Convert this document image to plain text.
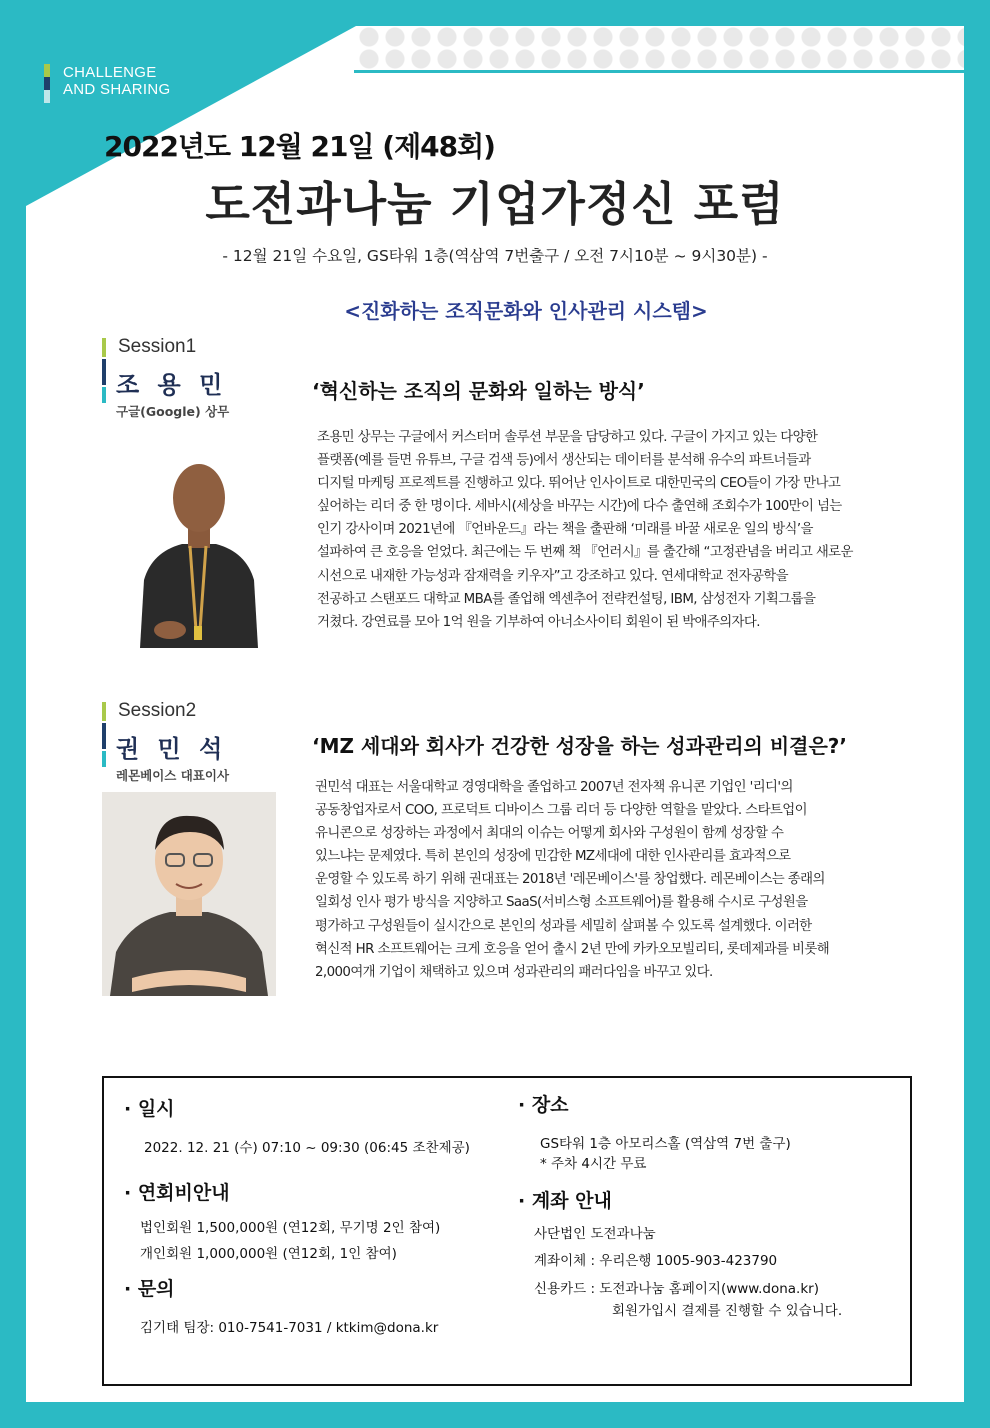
CHALLENGE
AND SHARING
2022년도 12월 21일 (제48회)
도전과나눔 기업가정신 포럼
- 12월 21일 수요일, GS타워 1층(역삼역 7번출구 / 오전 7시10분 ~ 9시30분) -
<진화하는 조직문화와 인사관리 시스템>
Session1
조 용 민
구글(Google) 상무
‘혁신하는 조직의 문화와 일하는 방식’
조용민 상무는 구글에서 커스터머 솔루션 부문을 담당하고 있다. 구글이 가지고 있는 다양한
플랫폼(예를 들면 유튜브, 구글 검색 등)에서 생산되는 데이터를 분석해 유수의 파트너들과
디지털 마케팅 프로젝트를 진행하고 있다. 뛰어난 인사이트로 대한민국의 CEO들이 가장 만나고
싶어하는 리더 중 한 명이다. 세바시(세상을 바꾸는 시간)에 다수 출연해 조회수가 100만이 넘는
인기 강사이며 2021년에 『언바운드』라는 책을 출판해 ‘미래를 바꿀 새로운 일의 방식’을
설파하여 큰 호응을 얻었다. 최근에는 두 번째 책 『언러시』를 출간해 “고정관념을 버리고 새로운
시선으로 내재한 가능성과 잠재력을 키우자”고 강조하고 있다. 연세대학교 전자공학을
전공하고 스탠포드 대학교 MBA를 졸업해 엑센추어 전략컨설팅, IBM, 삼성전자 기획그룹을
거쳤다. 강연료를 모아 1억 원을 기부하여 아너소사이티 회원이 된 박애주의자다.
Session2
권 민 석
레몬베이스 대표이사
‘MZ 세대와 회사가 건강한 성장을 하는 성과관리의 비결은?’
권민석 대표는 서울대학교 경영대학을 졸업하고 2007년 전자책 유니콘 기업인 '리디'의
공동창업자로서 COO, 프로덕트 디바이스 그룹 리더 등 다양한 역할을 맡았다. 스타트업이
유니콘으로 성장하는 과정에서 최대의 이슈는 어떻게 회사와 구성원이 함께 성장할 수
있느냐는 문제였다. 특히 본인의 성장에 민감한 MZ세대에 대한 인사관리를 효과적으로
운영할 수 있도록 하기 위해 권대표는 2018년 '레몬베이스'를 창업했다. 레몬베이스는 종래의
일회성 인사 평가 방식을 지양하고 SaaS(서비스형 소프트웨어)를 활용해 수시로 구성원을
평가하고 구성원들이 실시간으로 본인의 성과를 세밀히 살펴볼 수 있도록 설계했다. 이러한
혁신적 HR 소프트웨어는 크게 호응을 얻어 출시 2년 만에 카카오모빌리티, 롯데제과를 비롯해
2,000여개 기업이 채택하고 있으며 성과관리의 패러다임을 바꾸고 있다.
· 일시
2022. 12. 21 (수) 07:10 ~ 09:30 (06:45 조찬제공)
· 연회비안내
법인회원 1,500,000원 (연12회, 무기명 2인 참여)
개인회원 1,000,000원 (연12회, 1인 참여)
· 문의
김기태 팀장: 010-7541-7031 / ktkim@dona.kr
· 장소
GS타워 1층 아모리스홀 (역삼역 7번 출구)
* 주차 4시간 무료
· 계좌 안내
사단법인 도전과나눔
계좌이체 : 우리은행 1005-903-423790
신용카드 : 도전과나눔 홈페이지(www.dona.kr)
회원가입시 결제를 진행할 수 있습니다.
